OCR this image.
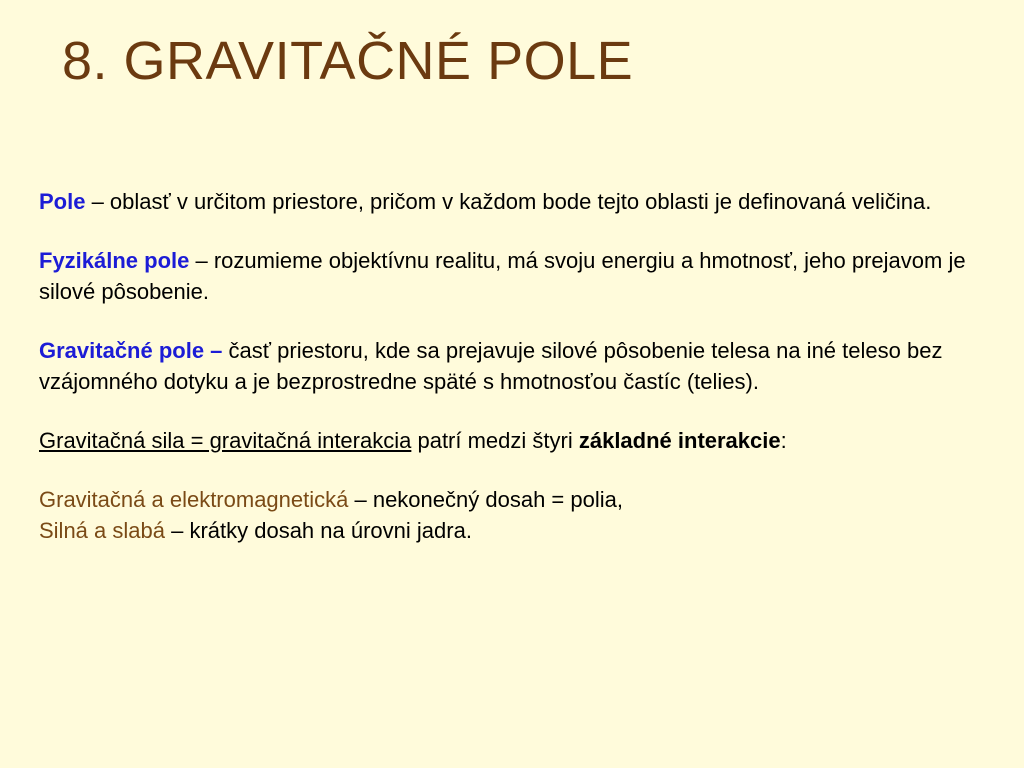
8. GRAVITAČNÉ POLE

Pole – oblasť v určitom priestore, pričom v každom bode tejto oblasti je definovaná veličina.

Fyzikálne pole – rozumieme objektívnu realitu, má svoju energiu a hmotnosť, jeho prejavom je silové pôsobenie.

Gravitačné pole – časť priestoru, kde sa prejavuje silové pôsobenie telesa na iné teleso bez vzájomného dotyku a je bezprostredne späté s hmotnosťou častíc (telies).

Gravitačná sila = gravitačná interakcia patrí medzi štyri základné interakcie:

Gravitačná a elektromagnetická – nekonečný dosah = polia,

Silná a slabá – krátky dosah na úrovni jadra.
